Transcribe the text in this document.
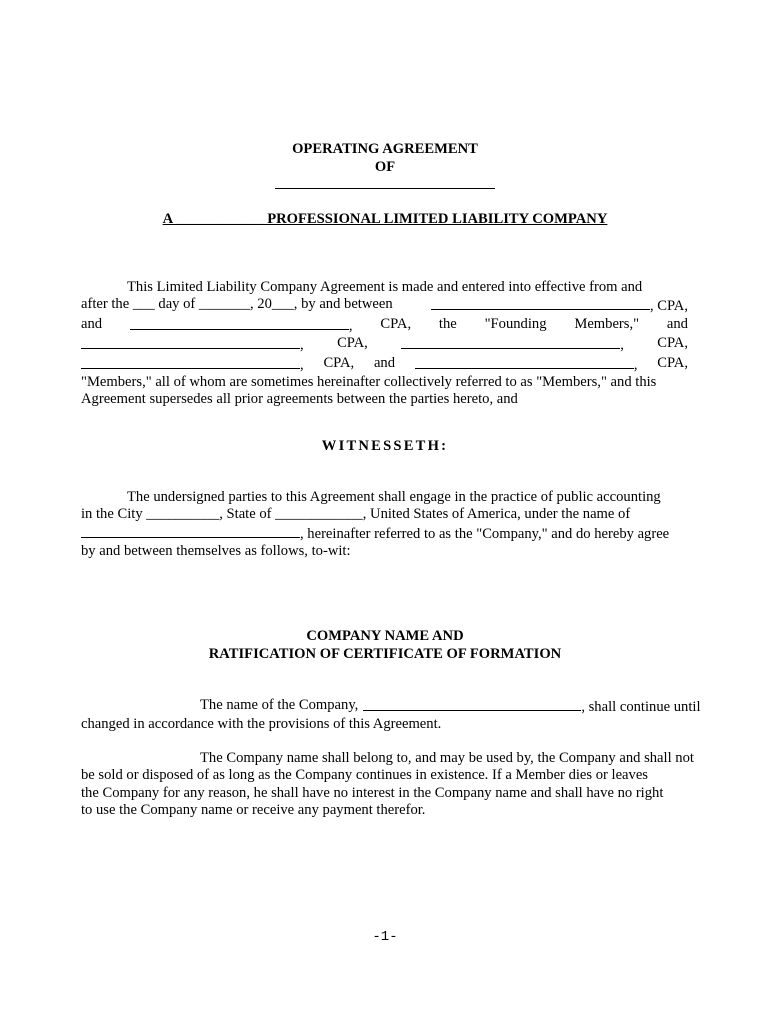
OPERATING AGREEMENT
OF
A ____________ PROFESSIONAL LIMITED LIABILITY COMPANY
This Limited Liability Company Agreement is made and entered into effective from and
after the ___ day of _______, 20___, by and between	, CPA,
and	, CPA, the "Founding Members," and
, CPA,	, CPA,
, CPA, and	, CPA,
"Members," all of whom are sometimes hereinafter collectively referred to as "Members," and this
Agreement supersedes all prior agreements between the parties hereto, and
WITNESSETH:
The undersigned parties to this Agreement shall engage in the practice of public accounting
in the City __________, State of ____________, United States of America, under the name of
, hereinafter referred to as the "Company," and do hereby agree
by and between themselves as follows, to-wit:
COMPANY NAME AND
RATIFICATION OF CERTIFICATE OF FORMATION
The name of the Company,	, shall continue until
changed in accordance with the provisions of this Agreement.
The Company name shall belong to, and may be used by, the Company and shall not
be sold or disposed of as long as the Company continues in existence. If a Member dies or leaves
the Company for any reason, he shall have no interest in the Company name and shall have no right
to use the Company name or receive any payment therefor.
-1-
